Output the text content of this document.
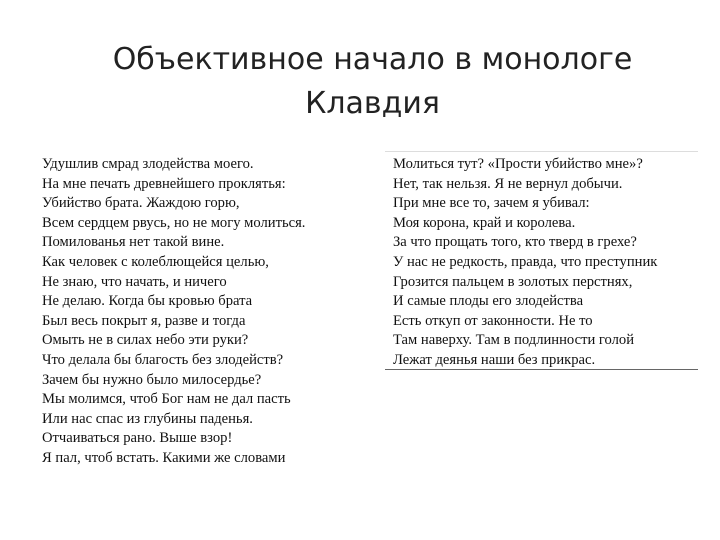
Объективное начало в монологе
Клавдия
Удушлив смрад злодейства моего.
На мне печать древнейшего проклятья:
Убийство брата. Жаждою горю,
Всем сердцем рвусь, но не могу молиться.
Помилованья нет такой вине.
Как человек с колеблющейся целью,
Не знаю, что начать, и ничего
Не делаю. Когда бы кровью брата
Был весь покрыт я, разве и тогда
Омыть не в силах небо эти руки?
Что делала бы благость без злодейств?
Зачем бы нужно было милосердье?
Мы молимся, чтоб Бог нам не дал пасть
Или нас спас из глубины паденья.
Отчаиваться рано. Выше взор!
Я пал, чтоб встать. Какими же словами
Молиться тут? «Прости убийство мне»?
Нет, так нельзя. Я не вернул добычи.
При мне все то, зачем я убивал:
Моя корона, край и королева.
За что прощать того, кто тверд в грехе?
У нас не редкость, правда, что преступник
Грозится пальцем в золотых перстнях,
И самые плоды его злодейства
Есть откуп от законности. Не то
Там наверху. Там в подлинности голой
Лежат деянья наши без прикрас.
